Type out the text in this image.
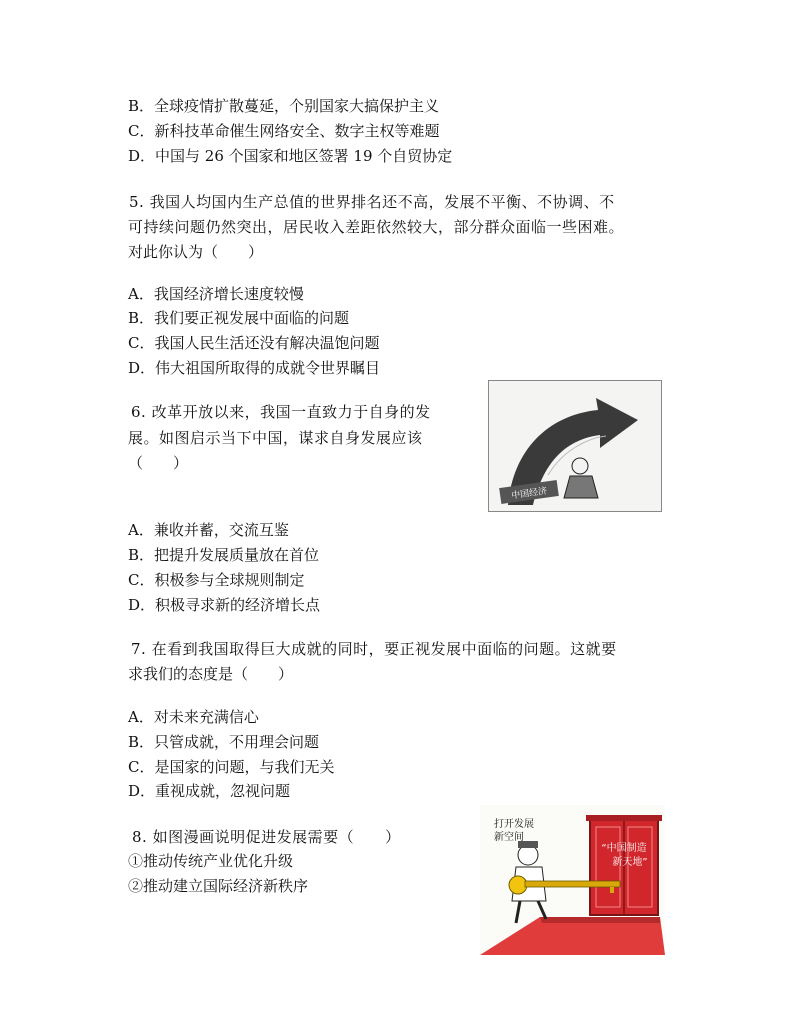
B．全球疫情扩散蔓延，个别国家大搞保护主义
C．新科技革命催生网络安全、数字主权等难题
D．中国与 26 个国家和地区签署 19 个自贸协定
5. 我国人均国内生产总值的世界排名还不高，发展不平衡、不协调、不
可持续问题仍然突出，居民收入差距依然较大，部分群众面临一些困难。
对此你认为（　　）
A．我国经济增长速度较慢
B．我们要正视发展中面临的问题
C．我国人民生活还没有解决温饱问题
D．伟大祖国所取得的成就令世界瞩目
6. 改革开放以来，我国一直致力于自身的发
展。如图启示当下中国，谋求自身发展应该
（　　）
中国经济
A．兼收并蓄，交流互鉴
B．把提升发展质量放在首位
C．积极参与全球规则制定
D．积极寻求新的经济增长点
7. 在看到我国取得巨大成就的同时，要正视发展中面临的问题。这就要
求我们的态度是（　　）
A．对未来充满信心
B．只管成就，不用理会问题
C．是国家的问题，与我们无关
D．重视成就，忽视问题
8. 如图漫画说明促进发展需要（　　）
①推动传统产业优化升级
②推动建立国际经济新秩序
“中国制造
新天地”
打开发展
新空间
